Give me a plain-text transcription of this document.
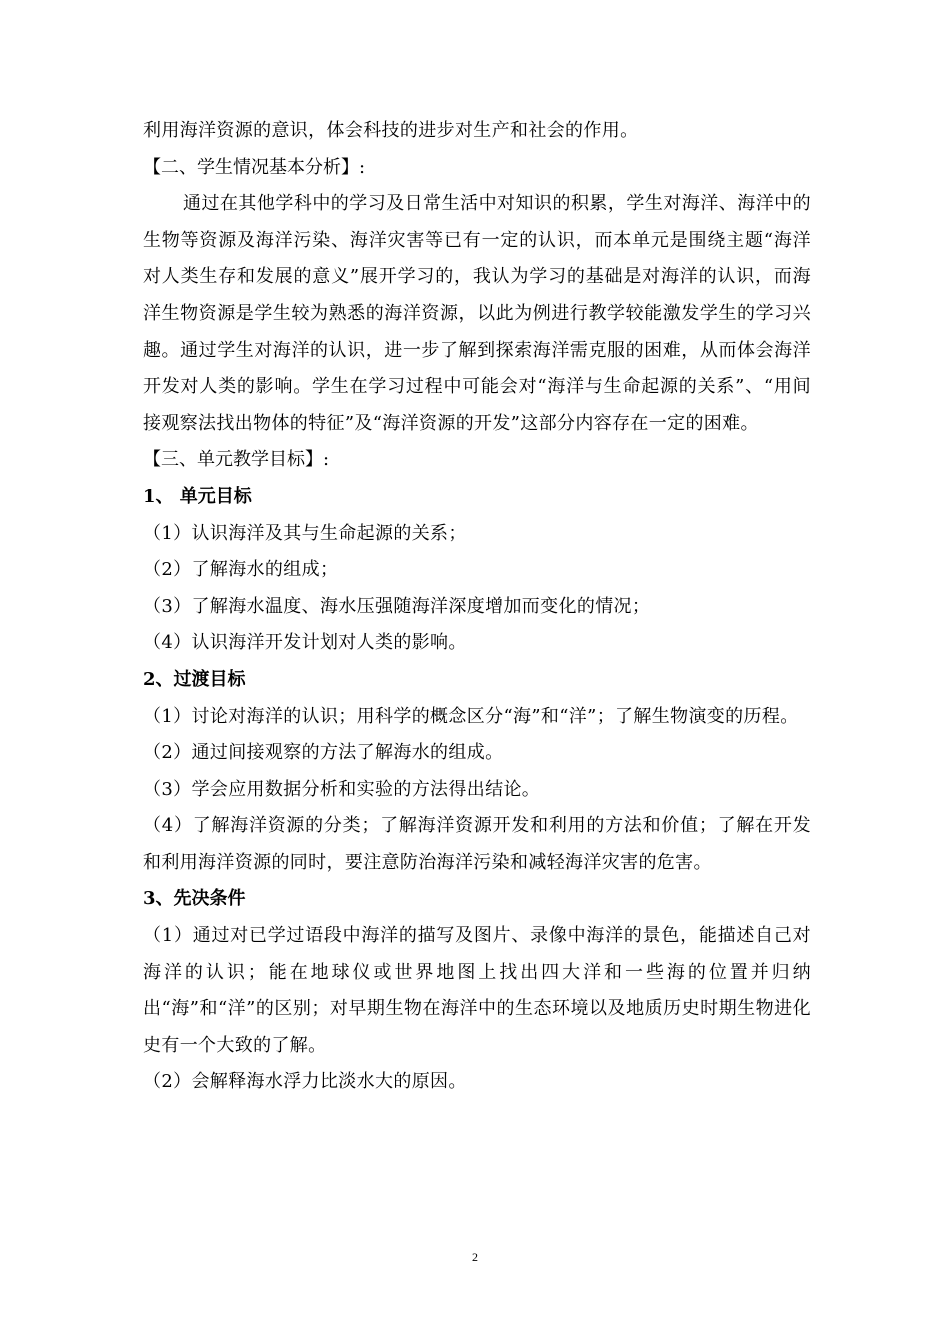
利用海洋资源的意识，体会科技的进步对生产和社会的作用。

【二、学生情况基本分析】:

通过在其他学科中的学习及日常生活中对知识的积累，学生对海洋、海洋中的生物等资源及海洋污染、海洋灾害等已有一定的认识，而本单元是围绕主题“海洋对人类生存和发展的意义”展开学习的，我认为学习的基础是对海洋的认识，而海洋生物资源是学生较为熟悉的海洋资源，以此为例进行教学较能激发学生的学习兴趣。通过学生对海洋的认识，进一步了解到探索海洋需克服的困难，从而体会海洋开发对人类的影响。学生在学习过程中可能会对“海洋与生命起源的关系”、“用间接观察法找出物体的特征”及“海洋资源的开发”这部分内容存在一定的困难。

【三、单元教学目标】:

1、 单元目标

（1）认识海洋及其与生命起源的关系；

（2）了解海水的组成；

（3）了解海水温度、海水压强随海洋深度增加而变化的情况；

（4）认识海洋开发计划对人类的影响。

2、过渡目标

（1）讨论对海洋的认识；用科学的概念区分“海”和“洋”；了解生物演变的历程。

（2）通过间接观察的方法了解海水的组成。

（3）学会应用数据分析和实验的方法得出结论。

（4）了解海洋资源的分类；了解海洋资源开发和利用的方法和价值；了解在开发和利用海洋资源的同时，要注意防治海洋污染和减轻海洋灾害的危害。

3、先决条件

（1）通过对已学过语段中海洋的描写及图片、录像中海洋的景色，能描述自己对海洋的认识；能在地球仪或世界地图上找出四大洋和一些海的位置并归纳出“海”和“洋”的区别；对早期生物在海洋中的生态环境以及地质历史时期生物进化史有一个大致的了解。

（2）会解释海水浮力比淡水大的原因。

2
